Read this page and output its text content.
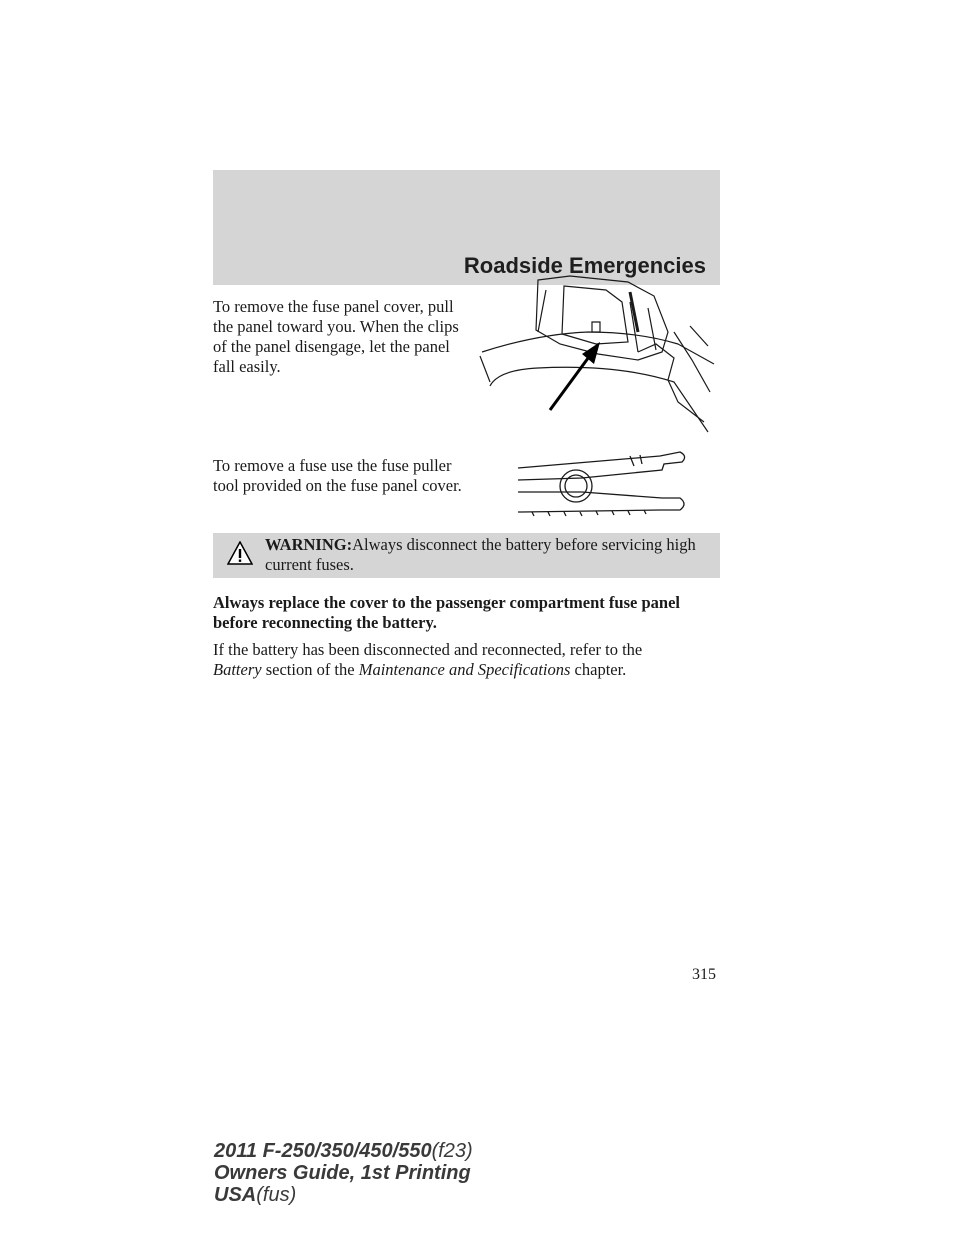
Roadside Emergencies

To remove the fuse panel cover, pull the panel toward you. When the clips of the panel disengage, let the panel fall easily.

To remove a fuse use the fuse puller tool provided on the fuse panel cover.

WARNING:Always disconnect the battery before servicing high current fuses.

Always replace the cover to the passenger compartment fuse panel before reconnecting the battery.

If the battery has been disconnected and reconnected, refer to the
Battery section of the Maintenance and Specifications chapter.

315
2011 F-250/350/450/550(f23)
Owners Guide, 1st Printing
USA(fus)
